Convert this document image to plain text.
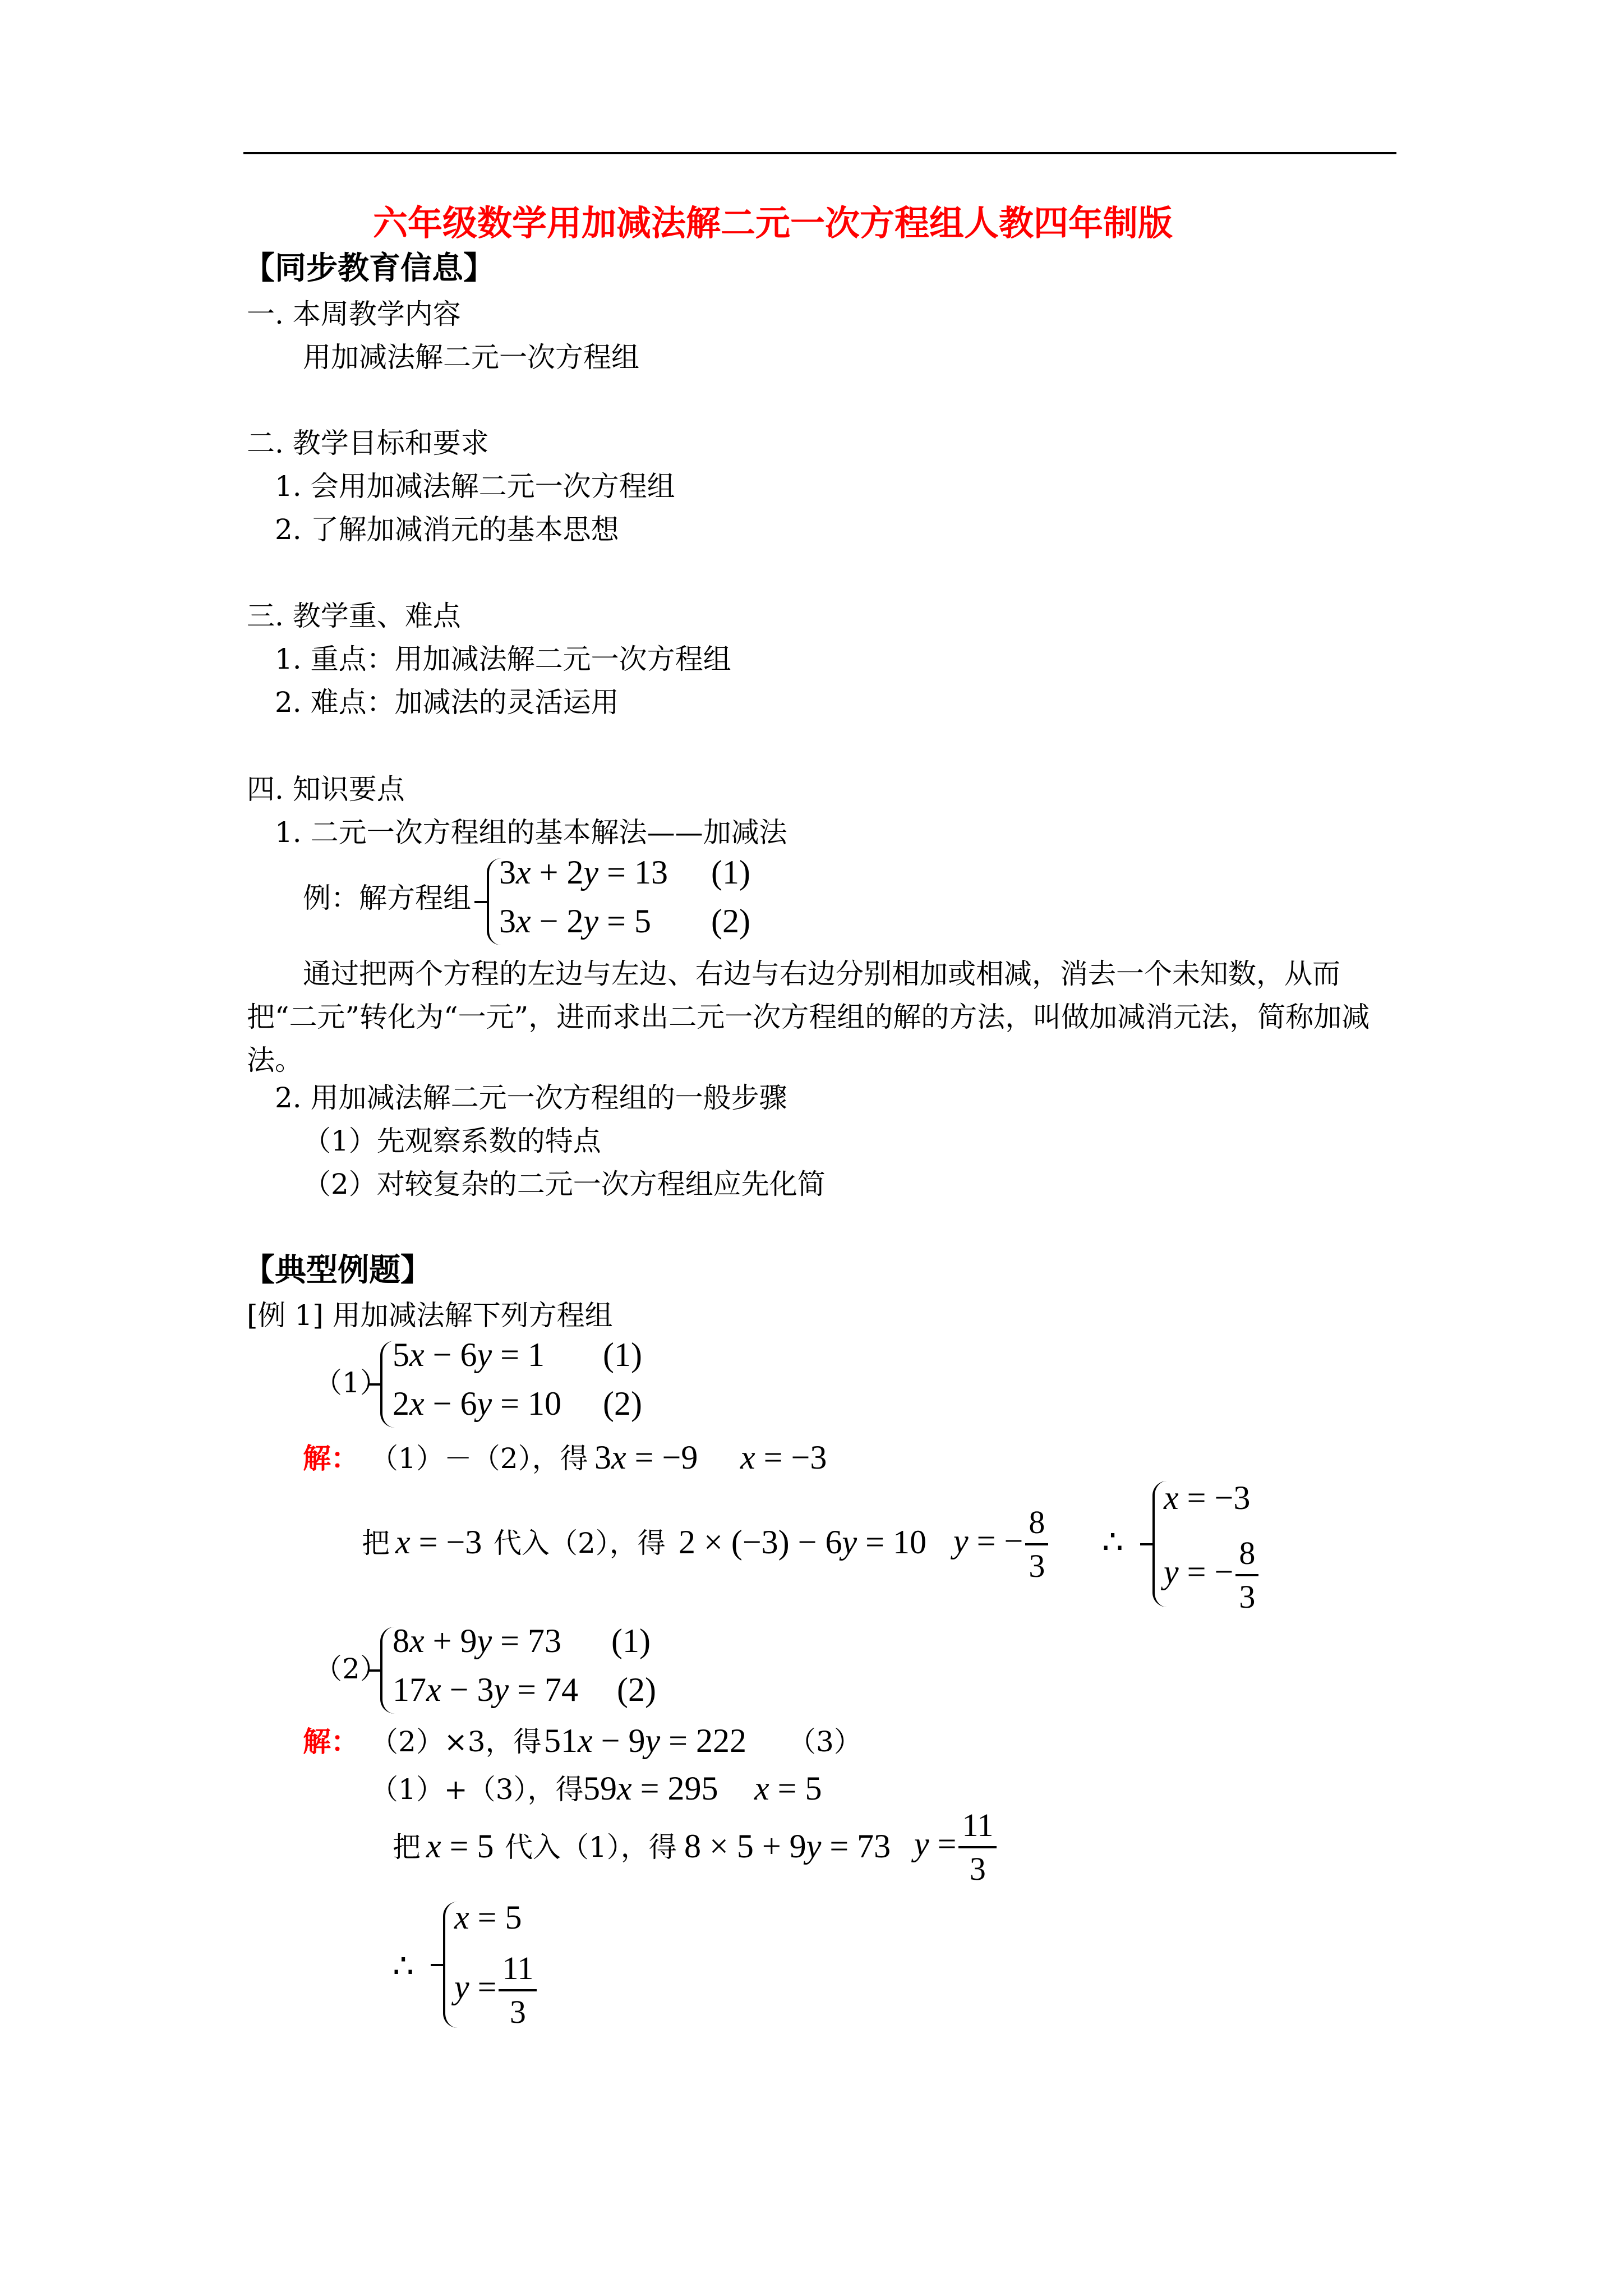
六年级数学用加减法解二元一次方程组人教四年制版
【同步教育信息】
一. 本周教学内容
用加减法解二元一次方程组
二. 教学目标和要求
1. 会用加减法解二元一次方程组
2. 了解加减消元的基本思想
三. 教学重、难点
1. 重点：用加减法解二元一次方程组
2. 难点：加减法的灵活运用
四. 知识要点
1. 二元一次方程组的基本解法——加减法
例：解方程组
3x + 2y = 13 (1)
3x − 2y = 5 (2)
通过把两个方程的左边与左边、右边与右边分别相加或相减，消去一个未知数，从而把“二元”转化为“一元”，进而求出二元一次方程组的解的方法，叫做加减消元法，简称加减法。
2. 用加减法解二元一次方程组的一般步骤
（1）先观察系数的特点
（2）对较复杂的二元一次方程组应先化简
【典型例题】
[例 1] 用加减法解下列方程组
（1）
5x − 6y = 1 (1)
2x − 6y = 10 (2)
解： （1）－（2），得 3x = −9 x = −3
把 x = −3 代入（2），得 2 × (−3) − 6y = 10 y = − $\frac{8}{3}$ ∴
x = −3
y = − $\frac{8}{3}$
（2）
8x + 9y = 73 (1)
17x − 3y = 74 (2)
解： （2）×3，得 51x − 9y = 222 （3）
（1）+（3），得 59x = 295 x = 5
把 x = 5 代入（1），得 8 × 5 + 9y = 73 $y = \frac{11}{3}$
∴
x = 5
$y = \frac{11}{3}$
